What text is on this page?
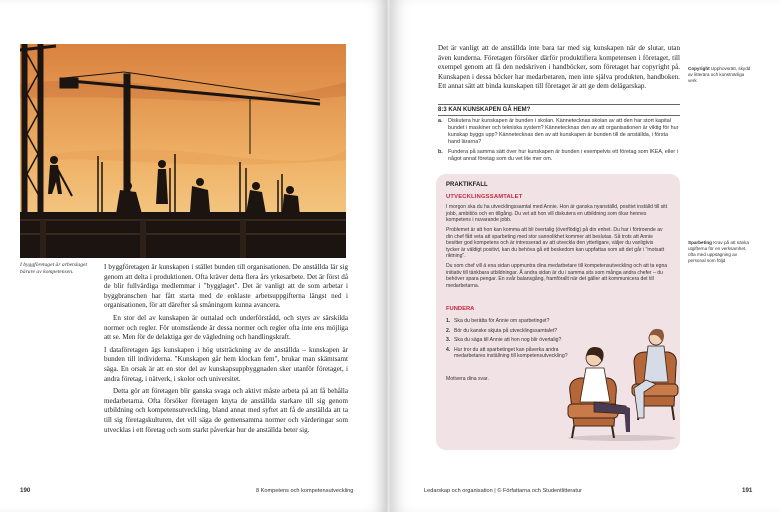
I byggföretaget är arbetslaget bärare av kompetensen.

I byggföretagen är kunskapen i stället bunden till organisationen. De anställda lär sig genom att delta i produktionen. Ofta kräver detta flera års yrkesarbete. Det är först då de blir fullvärdiga medlemmar i "bygglaget". Det är vanligt att de som arbetar i byggbranschen har fått starta med de enklaste arbetsuppgifterna längst ned i organisationen, för att därefter så småningom kunna avancera.

En stor del av kunskapen är outtalad och underförstådd, och styrs av särskilda normer och regler. För utomstående är dessa normer och regler ofta inte ens möjliga att se. Men för de delaktiga ger de vägledning och handlingskraft.

I dataföretagen ägs kunskapen i hög utsträckning av de anställda – kunskapen är bunden till individerna. "Kunskapen går hem klockan fem", brukar man skämtsamt säga. En orsak är att en stor del av kunskapsuppbyggnaden sker utanför företaget, i andra företag, i nätverk, i skolor och universitet.

Detta gör att företagen blir ganska svaga och aktivt måste arbeta på att få behålla medarbetarna. Ofta försöker företagen knyta de anställda starkare till sig genom utbildning och kompetensutveckling, bland annat med syftet att få de anställda att ta till sig företagskulturen, det vill säga de gemensamma normer och värderingar som utvecklas i ett företag och som starkt påverkar hur de anställda beter sig.

190	8 Kompetens och kompetensutveckling

Det är vanligt att de anställda inte bara tar med sig kunskapen när de slutar, utan även kunderna. Företagen försöker därför produktifiera kompetensen i företaget, till exempel genom att få den nedskriven i handböcker, som företaget har copyright på. Kunskapen i dessa böcker har medarbetaren, men inte själva produkten, handboken. Ett annat sätt att binda kunskapen till företaget är att ge dem delägarskap.

Copyright Upphovsrätt, skydd av litterära och konstnärliga verk
8:3 KAN KUNSKAPEN GÅ HEM?
a.	Diskutera hur kunskapen är bunden i skolan. Kännetecknas skolan av att den har stort kapital bundet i maskiner och tekniska system? Kännetecknas den av att organisationen är viktig för hur kunskap byggs upp? Kännetecknas den av att kunskapen är bunden till de anställda, i första hand lärarna?
b. Fundera på samma sätt över hur kunskapen är bunden i exempelvis ett företag som IKEA, eller i något annat företag som du vet lite mer om.
PRAKTIKFALL
UTVECKLINGSSAMTALET

I morgon ska du ha utvecklingssamtal med Annie. Hon är ganska nyanställd, positivt inställd till sitt jobb, ambitiös och en tillgång. Du vet att hon vill diskutera en utbildning som ökar hennes kompetens i nuvarande jobb.

Problemet är att hon kan komma att bli övertalig (överflödig) på din enhet. Du har i förtroende av din chef fått veta att sparbeting med stor sannolikhet kommer att beslutas. Så trots att Annie besitter god kompetens och är intresserad av att utveckla den ytterligare, väljer du vanligtvis tycker är väldigt positivt, kan du behöva gå ett beskedom kan uppfattas som att det går i "motsatt riktning".

Du som chef vill ä ena sidan uppmuntra dina medarbetare till kompetensutveckling och att ta egna initiativ till tänkbara utbildningar. Å andra sidan är du i samma sits som många andra chefer – du behöver spara pengar. En svår balansgång, framförallt när det gäller att kommunicera det till medarbetarna.

FUNDERA
1. Ska du berätta för Annie om sparbetinget?
2. Bör du kanske skjuta på utvecklingssamtalet?
3. Ska du säga till Annie att hon nog blir övertalig?
4. Hur tror du att sparbetinget kan påverka andra medarbetares inställning till kompetensutveckling?
Motivera dina svar.
Sparbeting Krav på att sänka utgifterna för en verksamhet, ofta med uppsägning av personal som följd
Ledarskap och organisation | © Författarna och Studentlitteratur	191
